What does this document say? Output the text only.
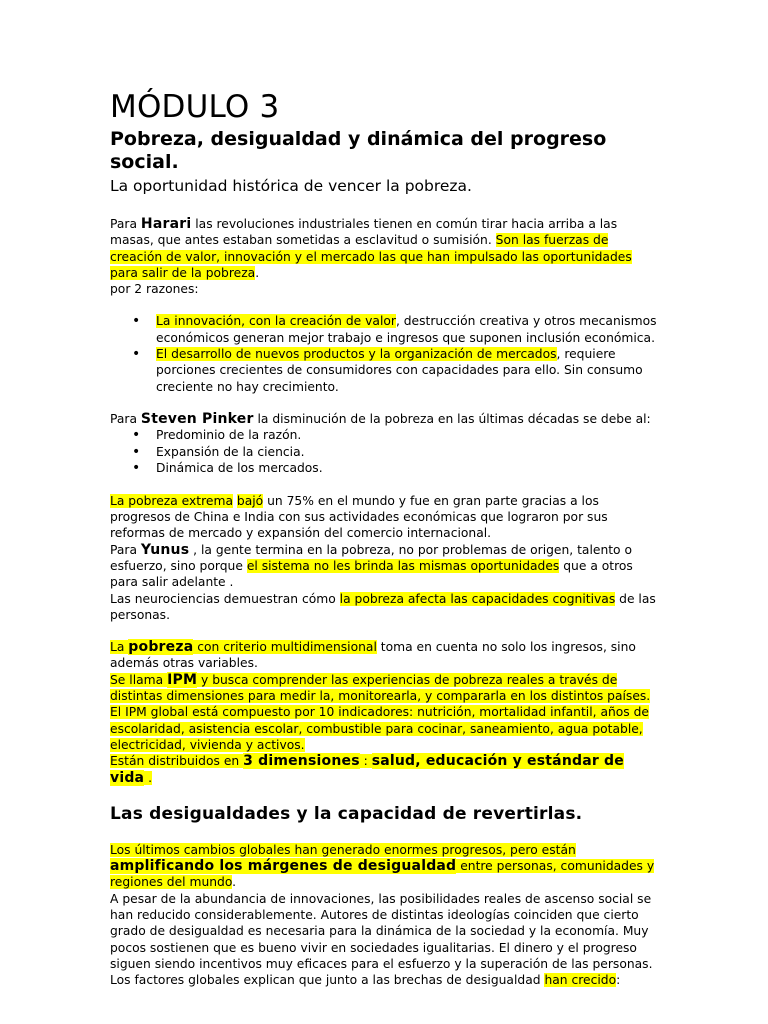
MÓDULO 3
Pobreza, desigualdad y dinámica del progreso social.
La oportunidad histórica de vencer la pobreza.
Para Harari las revoluciones industriales tienen en común tirar hacia arriba a las masas, que antes estaban sometidas a esclavitud o sumisión. Son las fuerzas de creación de valor, innovación y el mercado las que han impulsado las oportunidades para salir de la pobreza.
por 2 razones:
• La innovación, con la creación de valor, destrucción creativa y otros mecanismos económicos generan mejor trabajo e ingresos que suponen inclusión económica.
• El desarrollo de nuevos productos y la organización de mercados, requiere porciones crecientes de consumidores con capacidades para ello. Sin consumo creciente no hay crecimiento.
Para Steven Pinker la disminución de la pobreza en las últimas décadas se debe al:
• Predominio de la razón.
• Expansión de la ciencia.
• Dinámica de los mercados.
La pobreza extrema bajó un 75% en el mundo y fue en gran parte gracias a los progresos de China e India con sus actividades económicas que lograron por sus reformas de mercado y expansión del comercio internacional.
Para Yunus , la gente termina en la pobreza, no por problemas de origen, talento o esfuerzo, sino porque el sistema no les brinda las mismas oportunidades que a otros para salir adelante .
Las neurociencias demuestran cómo la pobreza afecta las capacidades cognitivas de las personas.
La pobreza con criterio multidimensional toma en cuenta no solo los ingresos, sino además otras variables.
Se llama IPM y busca comprender las experiencias de pobreza reales a través de distintas dimensiones para medir la, monitorearla, y compararla en los distintos países. El IPM global está compuesto por 10 indicadores: nutrición, mortalidad infantil, años de escolaridad, asistencia escolar, combustible para cocinar, saneamiento, agua potable, electricidad, vivienda y activos.
Están distribuidos en 3 dimensiones : salud, educación y estándar de vida .
Las desigualdades y la capacidad de revertirlas.
Los últimos cambios globales han generado enormes progresos, pero están amplificando los márgenes de desigualdad entre personas, comunidades y regiones del mundo.
A pesar de la abundancia de innovaciones, las posibilidades reales de ascenso social se han reducido considerablemente. Autores de distintas ideologías coinciden que cierto grado de desigualdad es necesaria para la dinámica de la sociedad y la economía. Muy pocos sostienen que es bueno vivir en sociedades igualitarias. El dinero y el progreso siguen siendo incentivos muy eficaces para el esfuerzo y la superación de las personas.
Los factores globales explican que junto a las brechas de desigualdad han crecido:
